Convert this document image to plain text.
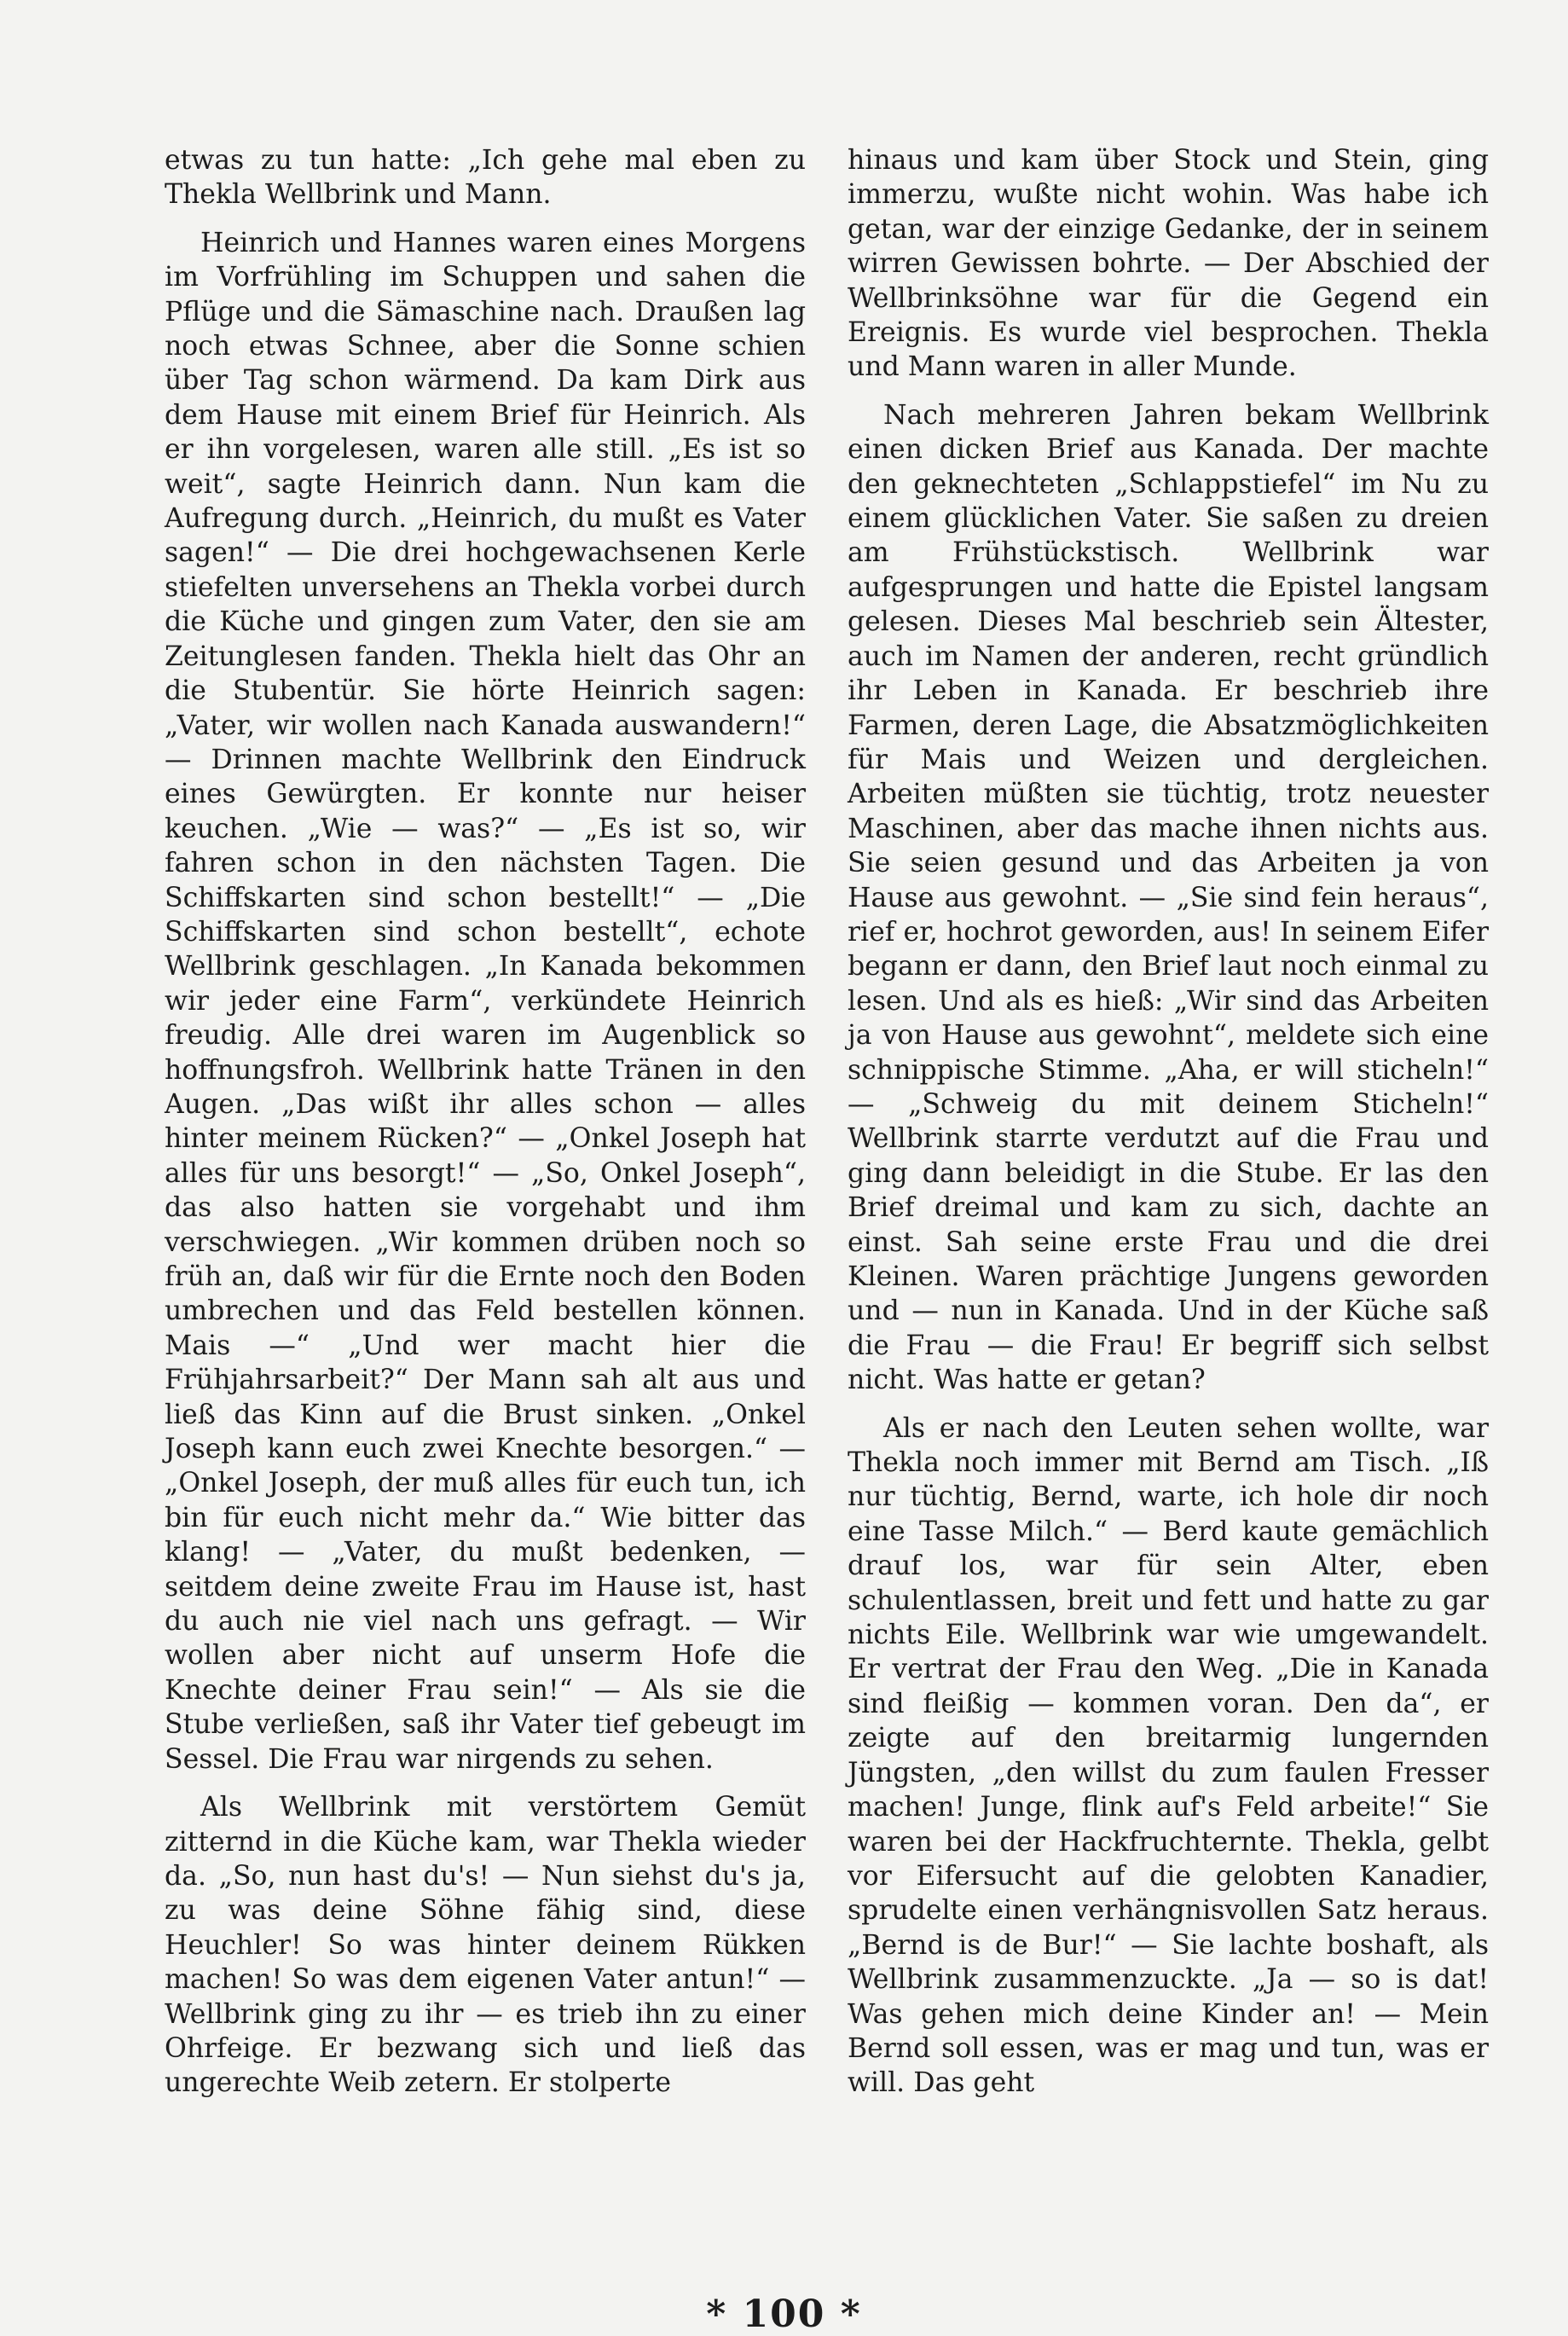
etwas zu tun hatte: „Ich gehe mal eben zu Thekla Wellbrink und Mann.

Heinrich und Hannes waren eines Morgens im Vorfrühling im Schuppen und sahen die Pflüge und die Sämaschine nach. Draußen lag noch etwas Schnee, aber die Sonne schien über Tag schon wärmend. Da kam Dirk aus dem Hause mit einem Brief für Heinrich. Als er ihn vorgelesen, waren alle still. „Es ist so weit“, sagte Heinrich dann. Nun kam die Aufregung durch. „Heinrich, du mußt es Vater sagen!“ — Die drei hochgewachsenen Kerle stiefelten unversehens an Thekla vorbei durch die Küche und gingen zum Vater, den sie am Zeitunglesen fanden. Thekla hielt das Ohr an die Stubentür. Sie hörte Heinrich sagen: „Vater, wir wollen nach Kanada auswandern!“ — Drinnen machte Wellbrink den Eindruck eines Gewürgten. Er konnte nur heiser keuchen. „Wie — was?“ — „Es ist so, wir fahren schon in den nächsten Tagen. Die Schiffskarten sind schon bestellt!“ — „Die Schiffskarten sind schon bestellt“, echote Wellbrink geschlagen. „In Kanada bekommen wir jeder eine Farm“, verkündete Heinrich freudig. Alle drei waren im Augenblick so hoffnungsfroh. Wellbrink hatte Tränen in den Augen. „Das wißt ihr alles schon — alles hinter meinem Rücken?“ — „Onkel Joseph hat alles für uns besorgt!“ — „So, Onkel Joseph“, das also hatten sie vorgehabt und ihm verschwiegen. „Wir kommen drüben noch so früh an, daß wir für die Ernte noch den Boden umbrechen und das Feld bestellen können. Mais —“ „Und wer macht hier die Frühjahrsarbeit?“ Der Mann sah alt aus und ließ das Kinn auf die Brust sinken. „Onkel Joseph kann euch zwei Knechte besorgen.“ — „Onkel Joseph, der muß alles für euch tun, ich bin für euch nicht mehr da.“ Wie bitter das klang! — „Vater, du mußt bedenken, — seitdem deine zweite Frau im Hause ist, hast du auch nie viel nach uns gefragt. — Wir wollen aber nicht auf unserm Hofe die Knechte deiner Frau sein!“ — Als sie die Stube verließen, saß ihr Vater tief gebeugt im Sessel. Die Frau war nirgends zu sehen.

Als Wellbrink mit verstörtem Gemüt zitternd in die Küche kam, war Thekla wieder da. „So, nun hast du's! — Nun siehst du's ja, zu was deine Söhne fähig sind, diese Heuchler! So was hinter deinem Rükken machen! So was dem eigenen Vater antun!“ — Wellbrink ging zu ihr — es trieb ihn zu einer Ohrfeige. Er bezwang sich und ließ das ungerechte Weib zetern. Er stolperte

hinaus und kam über Stock und Stein, ging immerzu, wußte nicht wohin. Was habe ich getan, war der einzige Gedanke, der in seinem wirren Gewissen bohrte. — Der Abschied der Wellbrinksöhne war für die Gegend ein Ereignis. Es wurde viel besprochen. Thekla und Mann waren in aller Munde.

Nach mehreren Jahren bekam Wellbrink einen dicken Brief aus Kanada. Der machte den geknechteten „Schlappstiefel“ im Nu zu einem glücklichen Vater. Sie saßen zu dreien am Frühstückstisch. Wellbrink war aufgesprungen und hatte die Epistel langsam gelesen. Dieses Mal beschrieb sein Ältester, auch im Namen der anderen, recht gründlich ihr Leben in Kanada. Er beschrieb ihre Farmen, deren Lage, die Absatzmöglichkeiten für Mais und Weizen und dergleichen. Arbeiten müßten sie tüchtig, trotz neuester Maschinen, aber das mache ihnen nichts aus. Sie seien gesund und das Arbeiten ja von Hause aus gewohnt. — „Sie sind fein heraus“, rief er, hochrot geworden, aus! In seinem Eifer begann er dann, den Brief laut noch einmal zu lesen. Und als es hieß: „Wir sind das Arbeiten ja von Hause aus gewohnt“, meldete sich eine schnippische Stimme. „Aha, er will sticheln!“ — „Schweig du mit deinem Sticheln!“ Wellbrink starrte verdutzt auf die Frau und ging dann beleidigt in die Stube. Er las den Brief dreimal und kam zu sich, dachte an einst. Sah seine erste Frau und die drei Kleinen. Waren prächtige Jungens geworden und — nun in Kanada. Und in der Küche saß die Frau — die Frau! Er begriff sich selbst nicht. Was hatte er getan?

Als er nach den Leuten sehen wollte, war Thekla noch immer mit Bernd am Tisch. „Iß nur tüchtig, Bernd, warte, ich hole dir noch eine Tasse Milch.“ — Berd kaute gemächlich drauf los, war für sein Alter, eben schulentlassen, breit und fett und hatte zu gar nichts Eile. Wellbrink war wie umgewandelt. Er vertrat der Frau den Weg. „Die in Kanada sind fleißig — kommen voran. Den da“, er zeigte auf den breitarmig lungernden Jüngsten, „den willst du zum faulen Fresser machen! Junge, flink auf's Feld arbeite!“ Sie waren bei der Hackfruchternte. Thekla, gelbt vor Eifersucht auf die gelobten Kanadier, sprudelte einen verhängnisvollen Satz heraus. „Bernd is de Bur!“ — Sie lachte boshaft, als Wellbrink zusammenzuckte. „Ja — so is dat! Was gehen mich deine Kinder an! — Mein Bernd soll essen, was er mag und tun, was er will. Das geht

* 100 *
